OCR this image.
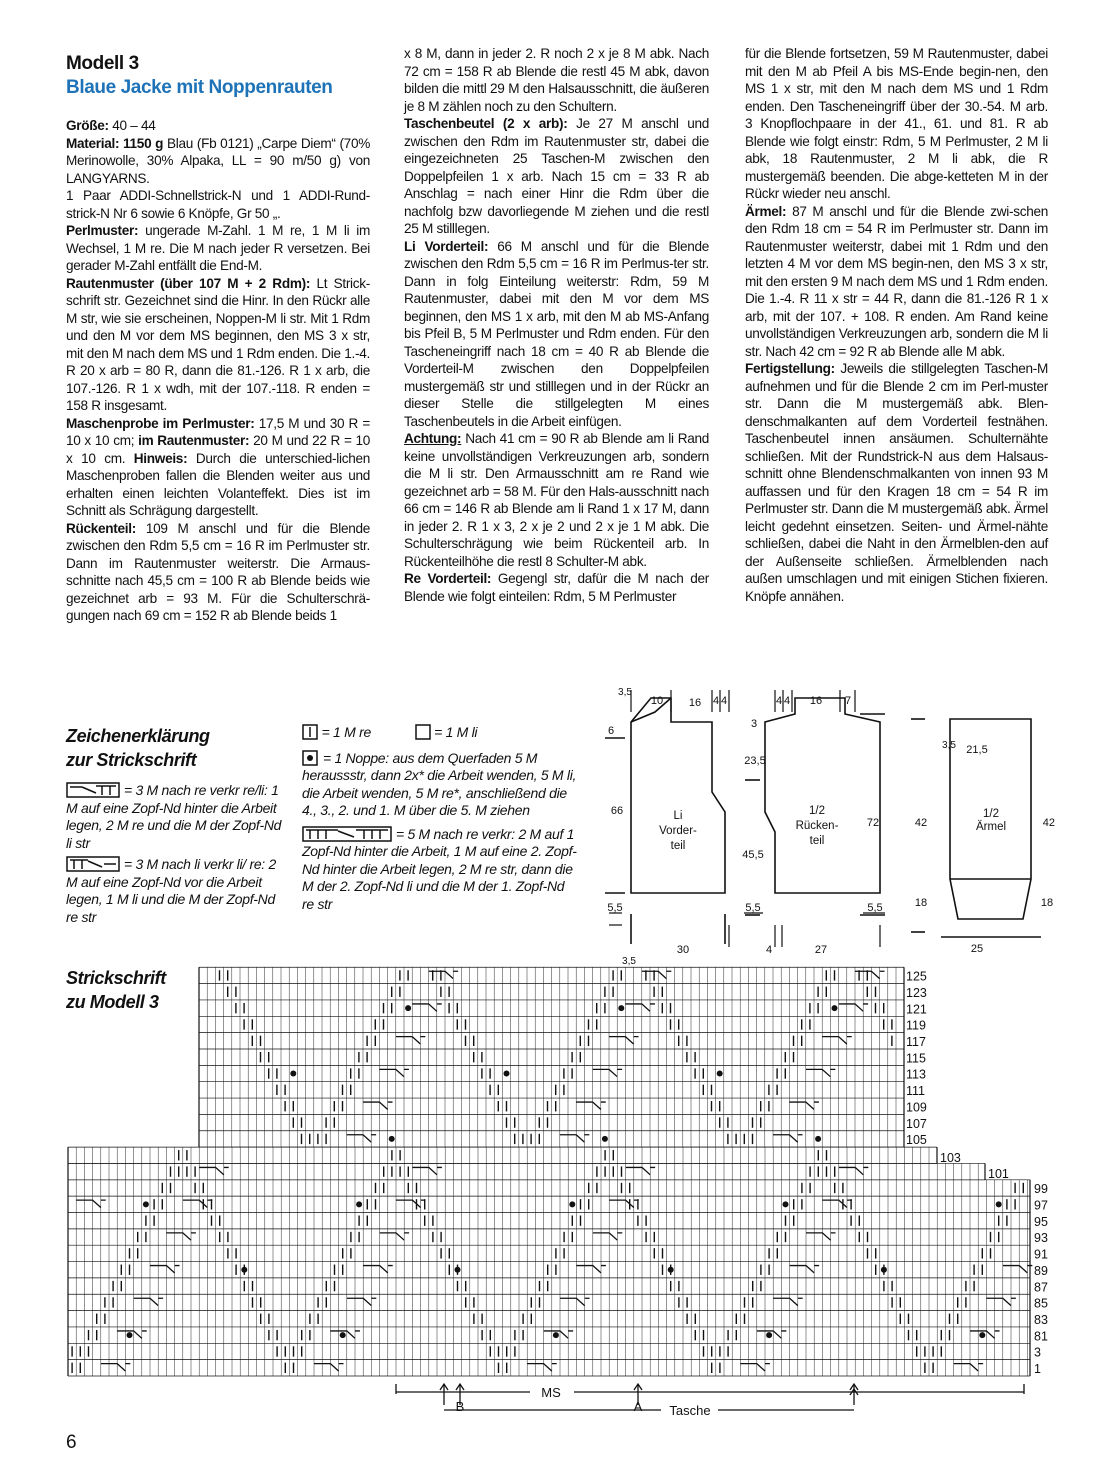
Modell 3
Blaue Jacke mit Noppenrauten

Größe: 40 – 44

Material: 1150 g Blau (Fb 0121) „Carpe Diem“ (70% Merinowolle, 30% Alpaka, LL = 90 m/50 g) von LANGYARNS.

1 Paar ADDI-Schnellstrick-N und 1 ADDI-Rund-strick-N Nr 6 sowie 6 Knöpfe, Gr 50 „.

Perlmuster: ungerade M-Zahl. 1 M re, 1 M li im Wechsel, 1 M re. Die M nach jeder R versetzen. Bei gerader M-Zahl entfällt die End-M.

Rautenmuster (über 107 M + 2 Rdm): Lt Strick-schrift str. Gezeichnet sind die Hinr. In den Rückr alle M str, wie sie erscheinen, Noppen-M li str. Mit 1 Rdm und den M vor dem MS beginnen, den MS 3 x str, mit den M nach dem MS und 1 Rdm enden. Die 1.-4. R 20 x arb = 80 R, dann die 81.-126. R 1 x arb, die 107.-126. R 1 x wdh, mit der 107.-118. R enden = 158 R insgesamt.

Maschenprobe im Perlmuster: 17,5 M und 30 R = 10 x 10 cm; im Rautenmuster: 20 M und 22 R = 10 x 10 cm. Hinweis: Durch die unterschied-lichen Maschenproben fallen die Blenden weiter aus und erhalten einen leichten Volanteffekt. Dies ist im Schnitt als Schrägung dargestellt.

Rückenteil: 109 M anschl und für die Blende zwischen den Rdm 5,5 cm = 16 R im Perlmuster str. Dann im Rautenmuster weiterstr. Die Armaus-schnitte nach 45,5 cm = 100 R ab Blende beids wie gezeichnet arb = 93 M. Für die Schulterschrä-gungen nach 69 cm = 152 R ab Blende beids 1

x 8 M, dann in jeder 2. R noch 2 x je 8 M abk. Nach 72 cm = 158 R ab Blende die restl 45 M abk, davon bilden die mittl 29 M den Halsausschnitt, die äußeren je 8 M zählen noch zu den Schultern.

Taschenbeutel (2 x arb): Je 27 M anschl und zwischen den Rdm im Rautenmuster str, dabei die eingezeichneten 25 Taschen-M zwischen den Doppelpfeilen 1 x arb. Nach 15 cm = 33 R ab Anschlag = nach einer Hinr die Rdm über die nachfolg bzw davorliegende M ziehen und die restl 25 M stilllegen.

Li Vorderteil: 66 M anschl und für die Blende zwischen den Rdm 5,5 cm = 16 R im Perlmus-ter str. Dann in folg Einteilung weiterstr: Rdm, 59 M Rautenmuster, dabei mit den M vor dem MS beginnen, den MS 1 x arb, mit den M ab MS-Anfang bis Pfeil B, 5 M Perlmuster und Rdm enden. Für den Tascheneingriff nach 18 cm = 40 R ab Blende die Vorderteil-M zwischen den Doppelpfeilen mustergemäß str und stilllegen und in der Rückr an dieser Stelle die stillgelegten M eines Taschenbeutels in die Arbeit einfügen.

Achtung: Nach 41 cm = 90 R ab Blende am li Rand keine unvollständigen Verkreuzungen arb, sondern die M li str. Den Armausschnitt am re Rand wie gezeichnet arb = 58 M. Für den Hals-ausschnitt nach 66 cm = 146 R ab Blende am li Rand 1 x 17 M, dann in jeder 2. R 1 x 3, 2 x je 2 und 2 x je 1 M abk. Die Schulterschrägung wie beim Rückenteil arb. In Rückenteilhöhe die restl 8 Schulter-M abk.

Re Vorderteil: Gegengl str, dafür die M nach der Blende wie folgt einteilen: Rdm, 5 M Perlmuster

für die Blende fortsetzen, 59 M Rautenmuster, dabei mit den M ab Pfeil A bis MS-Ende begin-nen, den MS 1 x str, mit den M nach dem MS und 1 Rdm enden. Den Tascheneingriff über der 30.-54. M arb. 3 Knopflochpaare in der 41., 61. und 81. R ab Blende wie folgt einstr: Rdm, 5 M Perlmuster, 2 M li abk, 18 Rautenmuster, 2 M li abk, die R mustergemäß beenden. Die abge-ketteten M in der Rückr wieder neu anschl.

Ärmel: 87 M anschl und für die Blende zwi-schen den Rdm 18 cm = 54 R im Perlmuster str. Dann im Rautenmuster weiterstr, dabei mit 1 Rdm und den letzten 4 M vor dem MS begin-nen, den MS 3 x str, mit den ersten 9 M nach dem MS und 1 Rdm enden. Die 1.-4. R 11 x str = 44 R, dann die 81.-126 R 1 x arb, mit der 107. + 108. R enden. Am Rand keine unvollständigen Verkreuzungen arb, sondern die M li str. Nach 42 cm = 92 R ab Blende alle M abk.

Fertigstellung: Jeweils die stillgelegten Taschen-M aufnehmen und für die Blende 2 cm im Perl-muster str. Dann die M mustergemäß abk. Blen-denschmalkanten auf dem Vorderteil festnähen. Taschenbeutel innen ansäumen. Schulternähte schließen. Mit der Rundstrick-N aus dem Halsaus-schnitt ohne Blendenschmalkanten von innen 93 M auffassen und für den Kragen 18 cm = 54 R im Perlmuster str. Dann die M mustergemäß abk. Ärmel leicht gedehnt einsetzen. Seiten- und Ärmel-nähte schließen, dabei die Naht in den Ärmelblen-den auf der Außenseite schließen. Ärmelblenden nach außen umschlagen und mit einigen Stichen fixieren. Knöpfe annähen.

Zeichenerklärung
zur Strickschrift
= 3 M nach re verkr re/li: 1 M auf eine Zopf-Nd hinter die Arbeit legen, 2 M re und die M der Zopf-Nd li str
= 3 M nach li verkr li/ re: 2 M auf eine Zopf-Nd vor die Arbeit legen, 1 M li und die M der Zopf-Nd re str
= 1 M re	= 1 M li
= 1 Noppe: aus dem Querfaden 5 M heraussstr, dann 2x* die Arbeit wenden, 5 M li, die Arbeit wenden, 5 M re*, anschließend die 4., 3., 2. und 1. M über die 5. M ziehen
= 5 M nach re verkr: 2 M auf 1 Zopf-Nd hinter die Arbeit, 1 M auf eine 2. Zopf-Nd hinter die Arbeit legen, 2 M re str, dann die M der 2. Zopf-Nd li und die M der 1. Zopf-Nd re str
3,5
10 16 4 4	4 4 16 7
6
3
23,5
66
45,5
72
5,5	5,5	5,5
3,5
30	4	27
Li
Vorder-
teil
1/2
Rücken-
teil
3,5 21,5
1/2
Ärmel
42	42
18	18
25
Strickschrift
zu Modell 3
103
101
125
123
121
119
117
115
113
111
109
107
105
99
97
95
93
91
89
87
85
83
81
3
1
MS
B	A Tasche
6
